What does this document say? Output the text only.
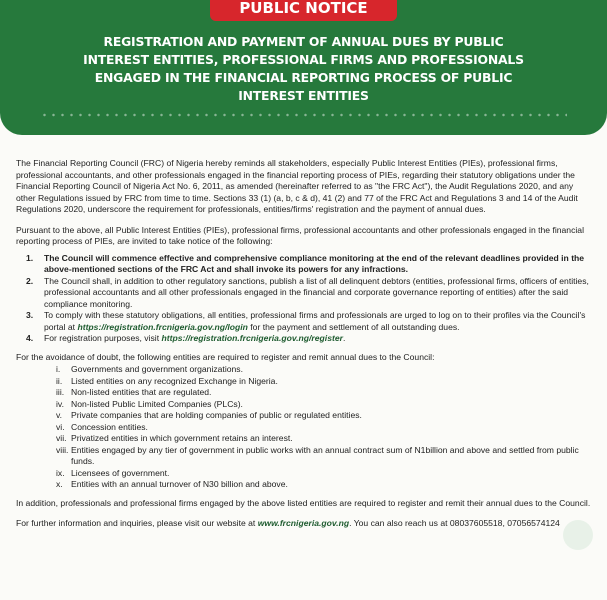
PUBLIC NOTICE
REGISTRATION AND PAYMENT OF ANNUAL DUES BY PUBLIC
INTEREST ENTITIES, PROFESSIONAL FIRMS AND PROFESSIONALS
ENGAGED IN THE FINANCIAL REPORTING PROCESS OF PUBLIC
INTEREST ENTITIES

The Financial Reporting Council (FRC) of Nigeria hereby reminds all stakeholders, especially Public Interest Entities (PIEs), professional firms, professional accountants, and other professionals engaged in the financial reporting process of PIEs, regarding their statutory obligations under the Financial Reporting Council of Nigeria Act No. 6, 2011, as amended (hereinafter referred to as "the FRC Act"), the Audit Regulations 2020, and any other Regulations issued by FRC from time to time. Sections 33 (1) (a, b, c & d), 41 (2) and 77 of the FRC Act and Regulations 3 and 14 of the Audit Regulations 2020, underscore the requirement for professionals, entities/firms' registration and the payment of annual dues.

Pursuant to the above, all Public Interest Entities (PIEs), professional firms, professional accountants and other professionals engaged in the financial reporting process of PIEs, are invited to take notice of the following:

1. The Council will commence effective and comprehensive compliance monitoring at the end of the relevant deadlines provided in the above-mentioned sections of the FRC Act and shall invoke its powers for any infractions.
2. The Council shall, in addition to other regulatory sanctions, publish a list of all delinquent debtors (entities, professional firms, officers of entities, professional accountants and all other professionals engaged in the financial and corporate governance reporting of entities) after the said compliance monitoring.
3. To comply with these statutory obligations, all entities, professional firms and professionals are urged to log on to their profiles via the Council's portal at https://registration.frcnigeria.gov.ng/login for the payment and settlement of all outstanding dues.
4. For registration purposes, visit https://registration.frcnigeria.gov.ng/register.

For the avoidance of doubt, the following entities are required to register and remit annual dues to the Council:

i. Governments and government organizations.
ii. Listed entities on any recognized Exchange in Nigeria.
iii. Non-listed entities that are regulated.
iv. Non-listed Public Limited Companies (PLCs).
v. Private companies that are holding companies of public or regulated entities.
vi. Concession entities.
vii. Privatized entities in which government retains an interest.
viii. Entities engaged by any tier of government in public works with an annual contract sum of N1billion and above and settled from public funds.
ix. Licensees of government.
x. Entities with an annual turnover of N30 billion and above.

In addition, professionals and professional firms engaged by the above listed entities are required to register and remit their annual dues to the Council.

For further information and inquiries, please visit our website at www.frcnigeria.gov.ng. You can also reach us at 08037605518, 07056574124
